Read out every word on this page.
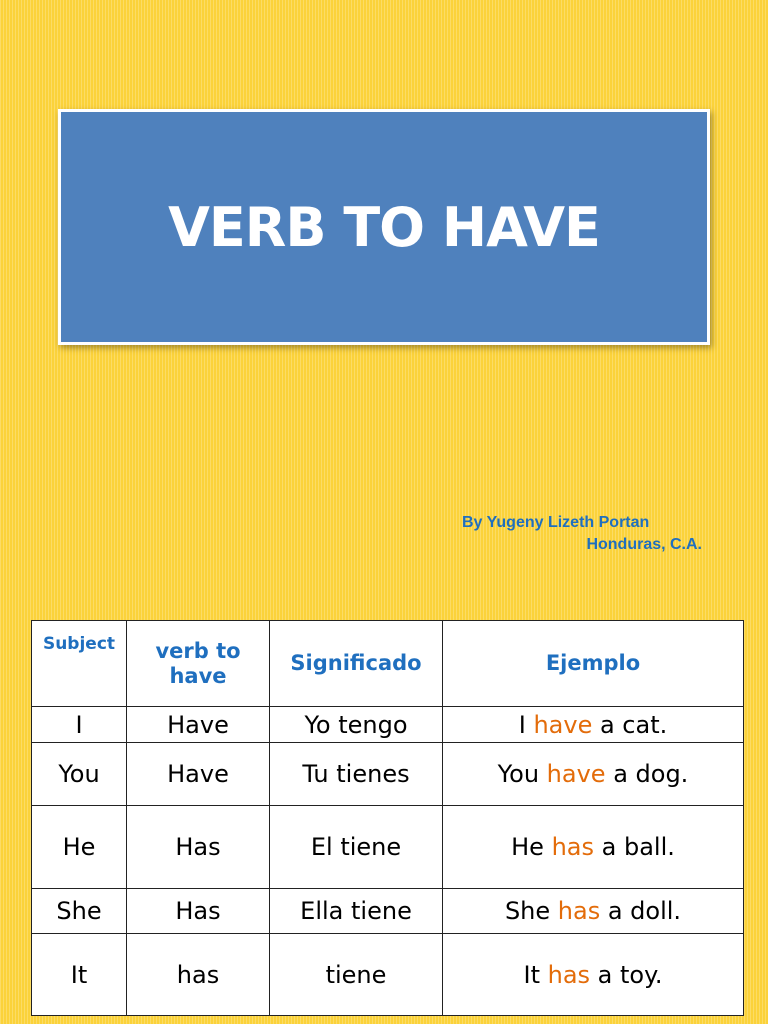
VERB TO HAVE
By Yugeny Lizeth Portan
Honduras, C.A.
Subject	verb to have	Significado	Ejemplo
I	Have	Yo tengo	I have a cat.
You	Have	Tu tienes	You have a dog.
He	Has	El tiene	He has a ball.
She	Has	Ella tiene	She has a doll.
It	has	tiene	It has a toy.
